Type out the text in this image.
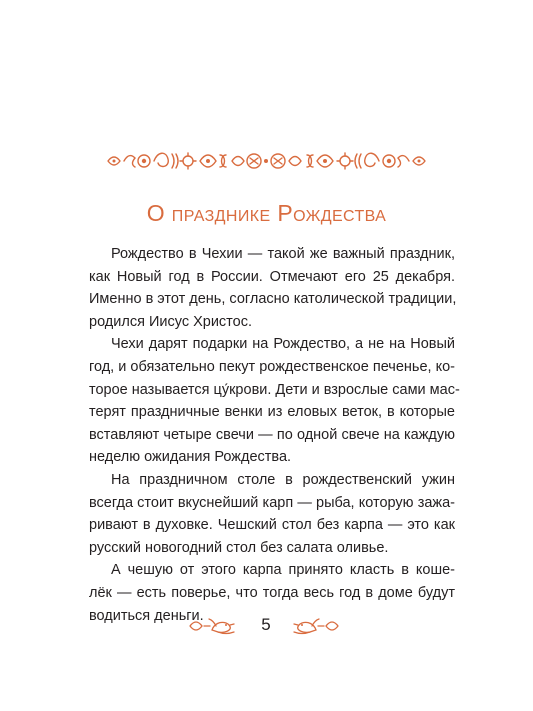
О празднике Рождества
Рождество в Чехии — такой же важный праздник,
как Новый год в России. Отмечают его 25 декабря.
Именно в этот день, согласно католической традиции,
родился Иисус Христос.
Чехи дарят подарки на Рождество, а не на Новый
год, и обязательно пекут рождественское печенье, ко-
торое называется цу́крови. Дети и взрослые сами мас-
терят праздничные венки из еловых веток, в которые
вставляют четыре свечи — по одной свече на каждую
неделю ожидания Рождества.
На праздничном столе в рождественский ужин
всегда стоит вкуснейший карп — рыба, которую зажа-
ривают в духовке. Чешский стол без карпа — это как
русский новогодний стол без салата оливье.
А чешую от этого карпа принято класть в коше-
лёк — есть поверье, что тогда весь год в доме будут
водиться деньги.	5
